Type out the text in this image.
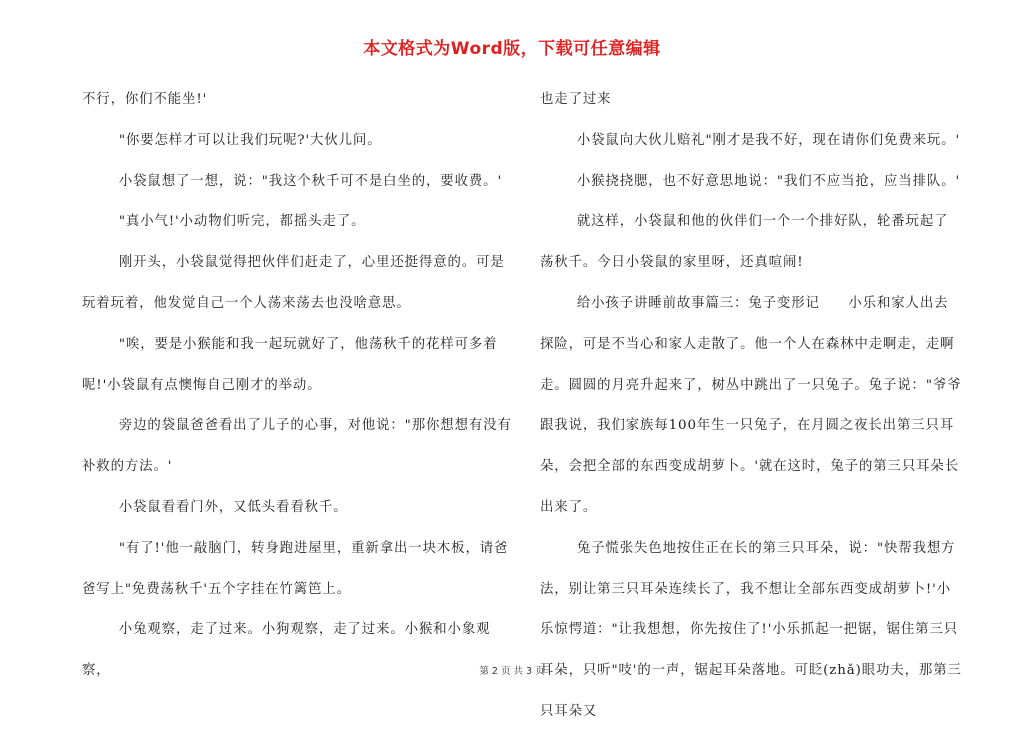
本文格式为Word版，下载可任意编辑

不行，你们不能坐!'

"你要怎样才可以让我们玩呢?'大伙儿问。

小袋鼠想了一想，说："我这个秋千可不是白坐的，要收费。'

"真小气!'小动物们听完，都摇头走了。

刚开头，小袋鼠觉得把伙伴们赶走了，心里还挺得意的。可是玩着玩着，他发觉自己一个人荡来荡去也没啥意思。

"唉，要是小猴能和我一起玩就好了，他荡秋千的花样可多着呢!'小袋鼠有点懊悔自己刚才的举动。

旁边的袋鼠爸爸看出了儿子的心事，对他说："那你想想有没有补救的方法。'

小袋鼠看看门外，又低头看看秋千。

"有了!'他一敲脑门，转身跑进屋里，重新拿出一块木板，请爸爸写上"免费荡秋千'五个字挂在竹篱笆上。

小兔观察，走了过来。小狗观察，走了过来。小猴和小象观察，

也走了过来

小袋鼠向大伙儿赔礼"刚才是我不好，现在请你们免费来玩。'

小猴挠挠腮，也不好意思地说："我们不应当抢，应当排队。'

就这样，小袋鼠和他的伙伴们一个一个排好队，轮番玩起了荡秋千。今日小袋鼠的家里呀，还真喧闹!

给小孩子讲睡前故事篇三：兔子变形记　　小乐和家人出去探险，可是不当心和家人走散了。他一个人在森林中走啊走，走啊走。圆圆的月亮升起来了，树丛中跳出了一只兔子。兔子说："爷爷跟我说，我们家族每100年生一只兔子，在月圆之夜长出第三只耳朵，会把全部的东西变成胡萝卜。'就在这时，兔子的第三只耳朵长出来了。

兔子慌张失色地按住正在长的第三只耳朵，说："快帮我想方法，别让第三只耳朵连续长了，我不想让全部东西变成胡萝卜!'小乐惊愕道："让我想想，你先按住了!'小乐抓起一把锯，锯住第三只耳朵，只听"吱'的一声，锯起耳朵落地。可眨(zhǎ)眼功夫，那第三只耳朵又

第 2 页 共 3 页
